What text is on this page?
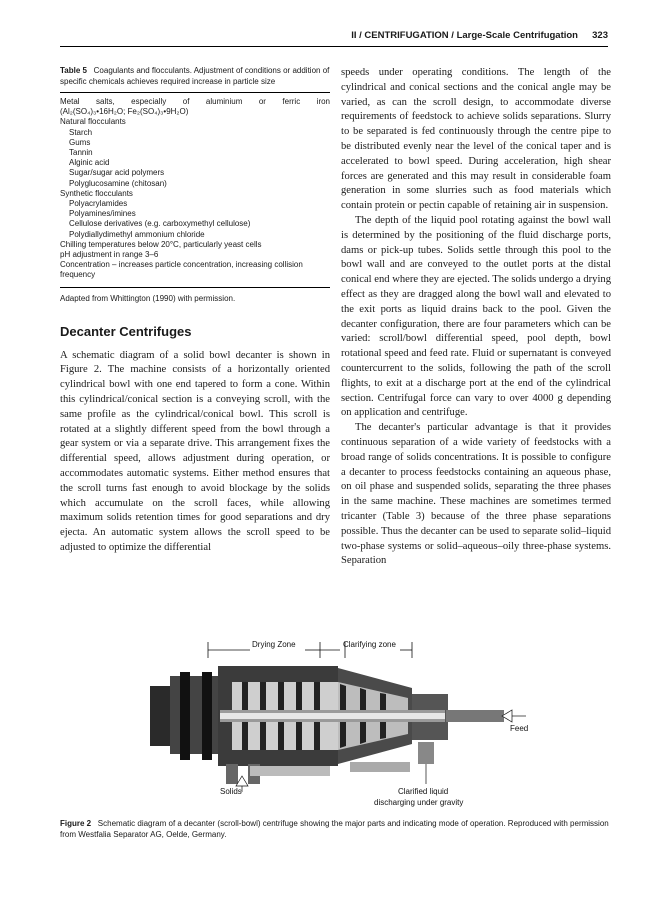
II / CENTRIFUGATION / Large-Scale Centrifugation 323

Table 5 Coagulants and flocculants. Adjustment of conditions or addition of specific chemicals achieves required increase in particle size

Metal salts, especially of aluminium or ferric iron
(Al₂(SO₄)₃•16H₂O; Fe₂(SO₄)₃•9H₂O)
Natural flocculants
Starch
Gums
Tannin
Alginic acid
Sugar/sugar acid polymers
Polyglucosamine (chitosan)
Synthetic flocculants
Polyacrylamides
Polyamines/imines
Cellulose derivatives (e.g. carboxymethyl cellulose)
Polydiallydimethyl ammonium chloride
Chilling temperatures below 20°C, particularly yeast cells
pH adjustment in range 3–6
Concentration – increases particle concentration, increasing collision frequency

Adapted from Whittington (1990) with permission.

Decanter Centrifuges

A schematic diagram of a solid bowl decanter is shown in Figure 2. The machine consists of a horizontally oriented cylindrical bowl with one end tapered to form a cone. Within this cylindrical/conical section is a conveying scroll, with the same profile as the cylindrical/conical bowl. This scroll is rotated at a slightly different speed from the bowl through a gear system or via a separate drive. This arrangement fixes the differential speed, allows adjustment during operation, or accommodates automatic systems. Either method ensures that the scroll turns fast enough to avoid blockage by the solids which accumulate on the scroll faces, while allowing maximum solids retention times for good separations and dry ejecta. An automatic system allows the scroll speed to be adjusted to optimize the differential

speeds under operating conditions. The length of the cylindrical and conical sections and the conical angle may be varied, as can the scroll design, to accommodate diverse requirements of feedstock to achieve solids separations. Slurry to be separated is fed continuously through the centre pipe to be distributed evenly near the level of the conical taper and is accelerated to bowl speed. During acceleration, high shear forces are generated and this may result in considerable foam generation in some slurries such as food materials which contain protein or pectin capable of retaining air in suspension.

The depth of the liquid pool rotating against the bowl wall is determined by the positioning of the fluid discharge ports, dams or pick-up tubes. Solids settle through this pool to the bowl wall and are conveyed to the outlet ports at the distal conical end where they are ejected. The solids undergo a drying effect as they are dragged along the bowl wall and elevated to the exit ports as liquid drains back to the pool. Given the decanter configuration, there are four parameters which can be varied: scroll/bowl differential speed, pool depth, bowl rotational speed and feed rate. Fluid or supernatant is conveyed countercurrent to the solids, following the path of the scroll flights, to exit at a discharge port at the end of the cylindrical section. Centrifugal force can vary to over 4000 g depending on application and centrifuge.

The decanter's particular advantage is that it provides continuous separation of a wide variety of feedstocks with a broad range of solids concentrations. It is possible to configure a decanter to process feedstocks containing an aqueous phase, on oil phase and suspended solids, separating the three phases in the same machine. These machines are sometimes termed tricanter (Table 3) because of the three phase separations possible. Thus the decanter can be used to separate solid–liquid two-phase systems or solid–aqueous–oily three-phase systems. Separation

Drying Zone	Clarifying zone
Feed
Solids	Clarified liquid
discharging under gravity

Figure 2 Schematic diagram of a decanter (scroll-bowl) centrifuge showing the major parts and indicating mode of operation. Reproduced with permission from Westfalia Separator AG, Oelde, Germany.
